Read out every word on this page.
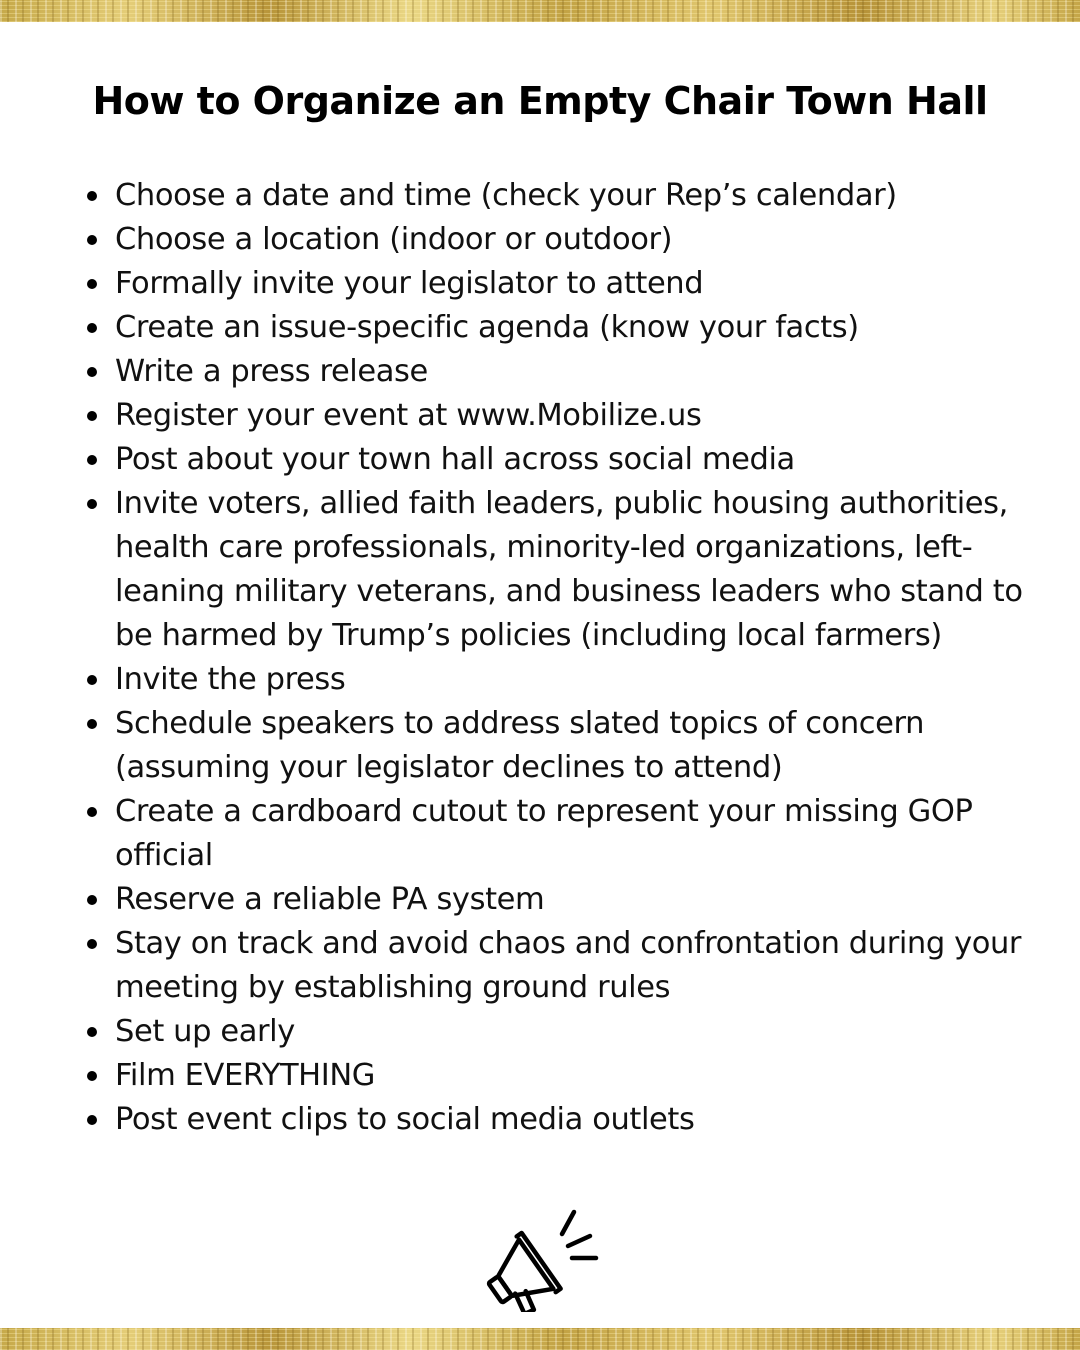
How to Organize an Empty Chair Town Hall
Choose a date and time (check your Rep’s calendar)
Choose a location (indoor or outdoor)
Formally invite your legislator to attend
Create an issue-specific agenda (know your facts)
Write a press release
Register your event at www.Mobilize.us
Post about your town hall across social media
Invite voters, allied faith leaders, public housing authorities, health care professionals, minority-led organizations, left-leaning military veterans, and business leaders who stand to be harmed by Trump’s policies (including local farmers)
Invite the press
Schedule speakers to address slated topics of concern (assuming your legislator declines to attend)
Create a cardboard cutout to represent your missing GOP official
Reserve a reliable PA system
Stay on track and avoid chaos and confrontation during your meeting by establishing ground rules
Set up early
Film EVERYTHING
Post event clips to social media outlets
